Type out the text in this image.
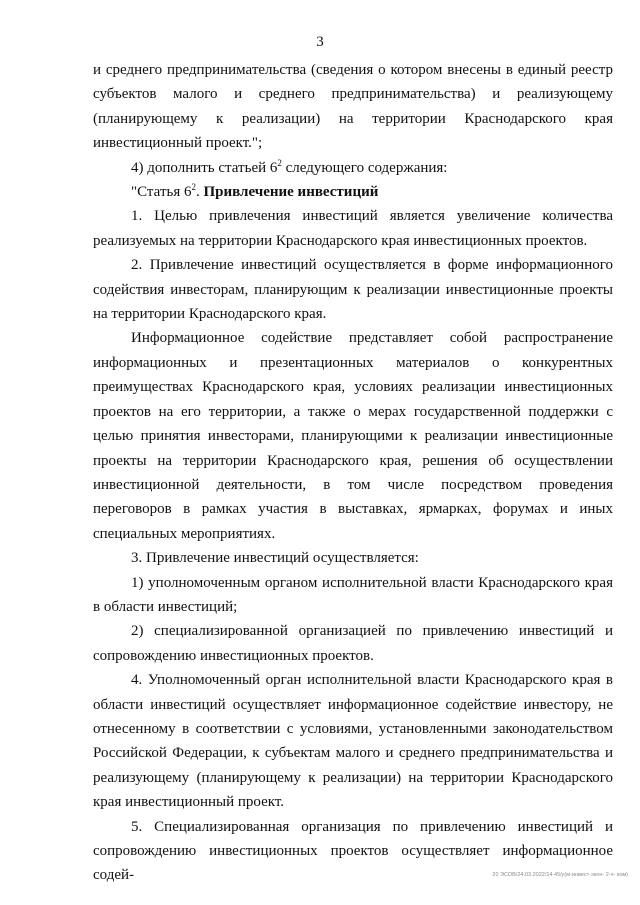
3

и среднего предпринимательства (сведения о котором внесены в единый реестр субъектов малого и среднего предпринимательства) и реализующему (планирующему к реализации) на территории Краснодарского края инвестиционный проект.";

4) дополнить статьей $6^2$ следующего содержания:

"Статья $6^2$. Привлечение инвестиций

1. Целью привлечения инвестиций является увеличение количества реализуемых на территории Краснодарского края инвестиционных проектов.

2. Привлечение инвестиций осуществляется в форме информационного содействия инвесторам, планирующим к реализации инвестиционные проекты на территории Краснодарского края.

Информационное содействие представляет собой распространение информационных и презентационных материалов о конкурентных преимуществах Краснодарского края, условиях реализации инвестиционных проектов на его территории, а также о мерах государственной поддержки с целью принятия инвесторами, планирующими к реализации инвестиционные проекты на территории Краснодарского края, решения об осуществлении инвестиционной деятельности, в том числе посредством проведения переговоров в рамках участия в выставках, ярмарках, форумах и иных специальных мероприятиях.

3. Привлечение инвестиций осуществляется:

1) уполномоченным органом исполнительной власти Краснодарского края в области инвестиций;

2) специализированной организацией по привлечению инвестиций и сопровождению инвестиционных проектов.

4. Уполномоченный орган исполнительной власти Краснодарского края в области инвестиций осуществляет информационное содействие инвестору, не отнесенному в соответствии с условиями, установленными законодательством Российской Федерации, к субъектам малого и среднего предпринимательства и реализующему (планирующему к реализации) на территории Краснодарского края инвестиционный проект.

5. Специализированная организация по привлечению инвестиций и сопровождению инвестиционных проектов осуществляет информационное содей-	20 ЭСОВ/24.03.2022/14 45/у(м-инвест-экон- 2-ч- ком)
